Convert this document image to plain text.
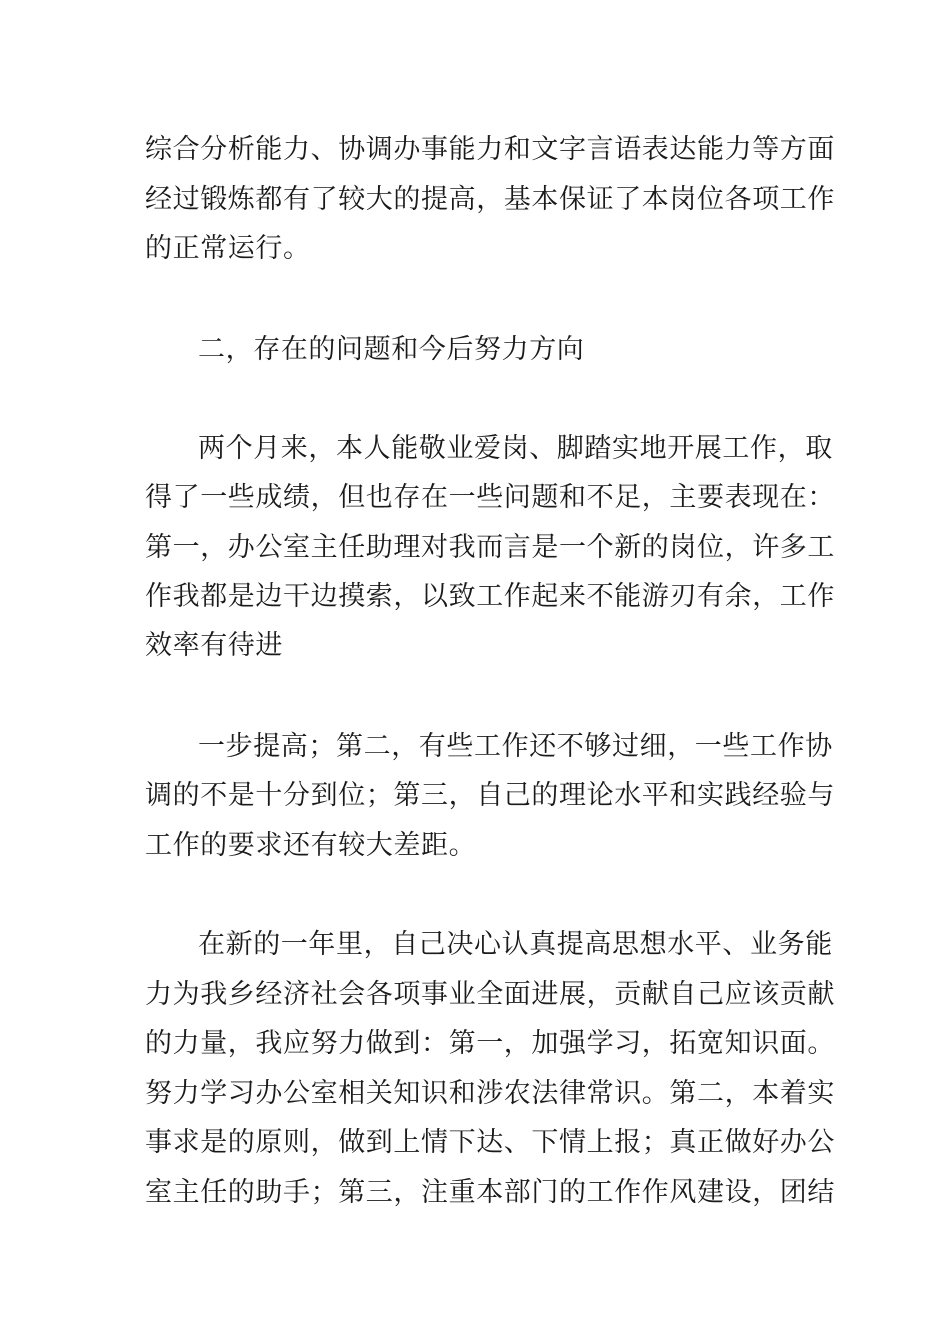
综合分析能力、协调办事能力和文字言语表达能力等方面
经过锻炼都有了较大的提高，基本保证了本岗位各项工作
的正常运行。
二，存在的问题和今后努力方向
两个月来，本人能敬业爱岗、脚踏实地开展工作，取
得了一些成绩，但也存在一些问题和不足，主要表现在：
第一，办公室主任助理对我而言是一个新的岗位，许多工
作我都是边干边摸索，以致工作起来不能游刃有余，工作
效率有待进
一步提高；第二，有些工作还不够过细，一些工作协
调的不是十分到位；第三，自己的理论水平和实践经验与
工作的要求还有较大差距。
在新的一年里，自己决心认真提高思想水平、业务能
力为我乡经济社会各项事业全面进展，贡献自己应该贡献
的力量，我应努力做到：第一，加强学习，拓宽知识面。
努力学习办公室相关知识和涉农法律常识。第二，本着实
事求是的原则，做到上情下达、下情上报；真正做好办公
室主任的助手；第三，注重本部门的工作作风建设，团结
